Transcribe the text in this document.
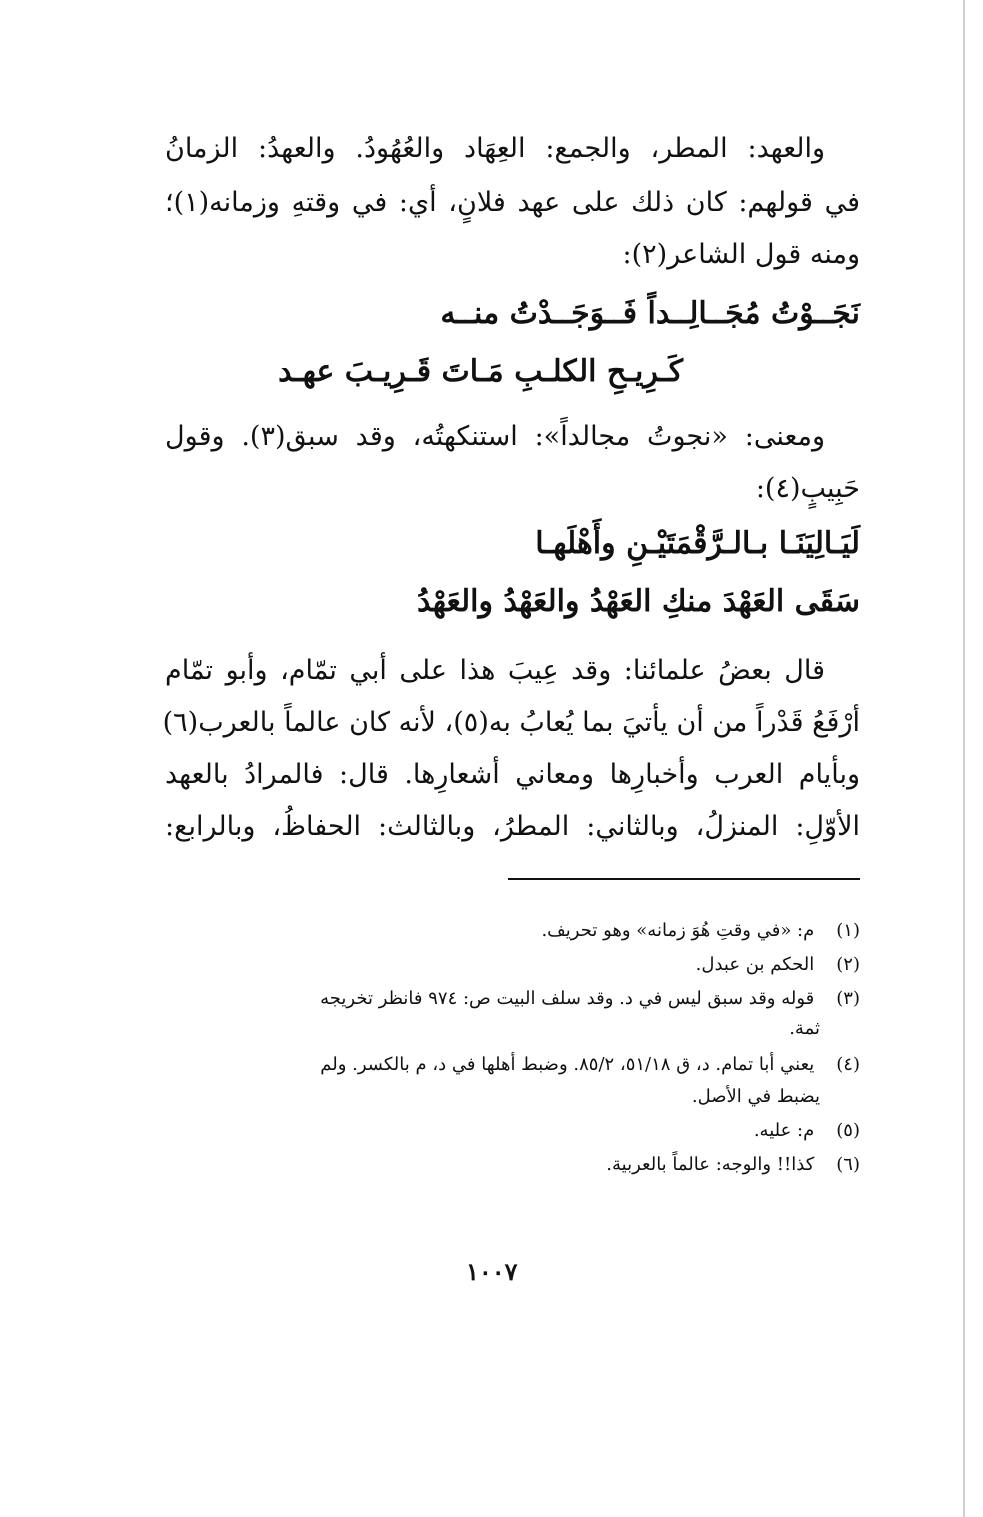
والعهد: المطر، والجمع: العِهَاد والعُهُودُ. والعهدُ: الزمانُ
في قولهم: كان ذلك على عهد فلانٍ، أي: في وقتهِ وزمانه(١)؛
ومنه قول الشاعر(٢):
نَجَــوْتُ مُجَــالِــداً فَــوَجَــدْتُ منــه
كَـرِيـحِ الكلـبِ مَـاتَ قَـرِيـبَ عهـد
ومعنى: «نجوتُ مجالداً»: استنكهتُه، وقد سبق(٣). وقول
حَبِيبٍ(٤):
لَيَـالِيَنَـا بـالـرَّقْمَتَيْـنِ وأَهْلَهـا
سَقَى العَهْدَ منكِ العَهْدُ والعَهْدُ والعَهْدُ
قال بعضُ علمائنا: وقد عِيبَ هذا على أبي تمّام، وأبو تمّام
أرْفَعُ قَدْراً من أن يأتيَ بما يُعابُ به(٥)، لأنه كان عالماً بالعرب(٦)
وبأيام العرب وأخبارِها ومعاني أشعارِها. قال: فالمرادُ بالعهد
الأوّلِ: المنزلُ، وبالثاني: المطرُ، وبالثالث: الحفاظُ، وبالرابع:
(١) م: «في وقتِ هُوَ زمانه» وهو تحريف.
(٢) الحكم بن عبدل.
(٣) قوله وقد سبق ليس في د. وقد سلف البيت ص: ٩٧٤ فانظر تخريجه
ثمة.
(٤) يعني أبا تمام. د، ق ٥١/١٨، ٨٥/٢. وضبط أهلها في د، م بالكسر. ولم
يضبط في الأصل.
(٥) م: عليه.
(٦) كذا!! والوجه: عالماً بالعربية.
١٠٠٧
